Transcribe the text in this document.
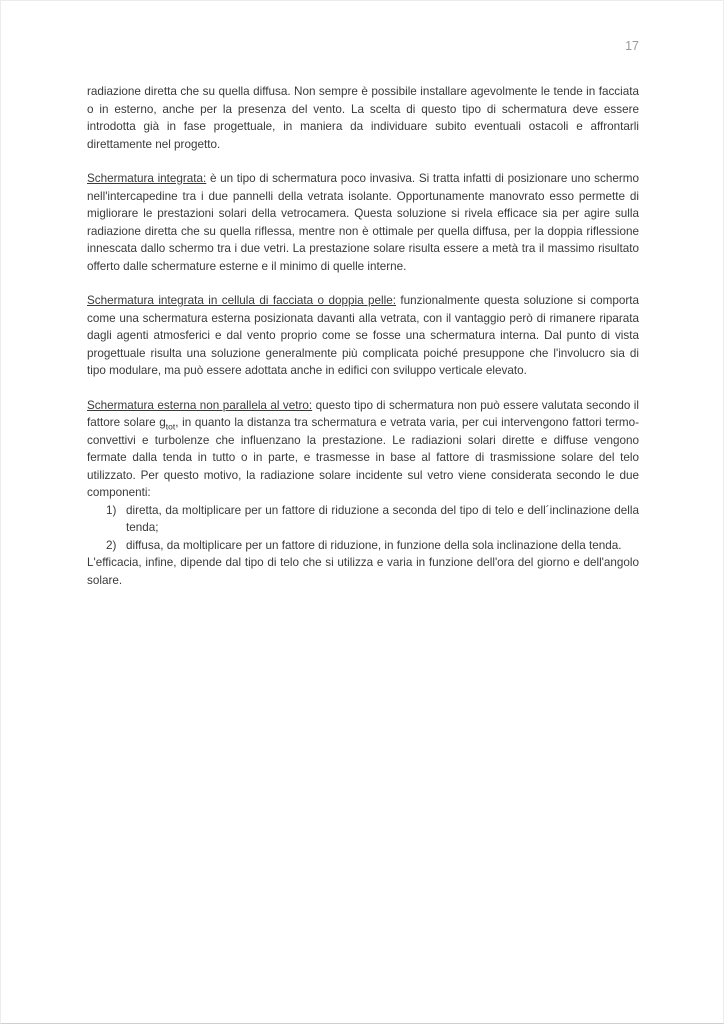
17

radiazione diretta che su quella diffusa. Non sempre è possibile installare agevolmente le tende in facciata o in esterno, anche per la presenza del vento. La scelta di questo tipo di schermatura deve essere introdotta già in fase progettuale, in maniera da individuare subito eventuali ostacoli e affrontarli direttamente nel progetto.

Schermatura integrata: è un tipo di schermatura poco invasiva. Si tratta infatti di posizionare uno schermo nell'intercapedine tra i due pannelli della vetrata isolante. Opportunamente manovrato esso permette di migliorare le prestazioni solari della vetrocamera. Questa soluzione si rivela efficace sia per agire sulla radiazione diretta che su quella riflessa, mentre non è ottimale per quella diffusa, per la doppia riflessione innescata dallo schermo tra i due vetri. La prestazione solare risulta essere a metà tra il massimo risultato offerto dalle schermature esterne e il minimo di quelle interne.

Schermatura integrata in cellula di facciata o doppia pelle: funzionalmente questa soluzione si comporta come una schermatura esterna posizionata davanti alla vetrata, con il vantaggio però di rimanere riparata dagli agenti atmosferici e dal vento proprio come se fosse una schermatura interna. Dal punto di vista progettuale risulta una soluzione generalmente più complicata poiché presuppone che l'involucro sia di tipo modulare, ma può essere adottata anche in edifici con sviluppo verticale elevato.

Schermatura esterna non parallela al vetro: questo tipo di schermatura non può essere valutata secondo il fattore solare $g_{tot}$, in quanto la distanza tra schermatura e vetrata varia, per cui intervengono fattori termo-convettivi e turbolenze che influenzano la prestazione. Le radiazioni solari dirette e diffuse vengono fermate dalla tenda in tutto o in parte, e trasmesse in base al fattore di trasmissione solare del telo utilizzato. Per questo motivo, la radiazione solare incidente sul vetro viene considerata secondo le due componenti:

1) diretta, da moltiplicare per un fattore di riduzione a seconda del tipo di telo e dell´inclinazione della tenda;
2) diffusa, da moltiplicare per un fattore di riduzione, in funzione della sola inclinazione della tenda.

L'efficacia, infine, dipende dal tipo di telo che si utilizza e varia in funzione dell'ora del giorno e dell'angolo solare.
